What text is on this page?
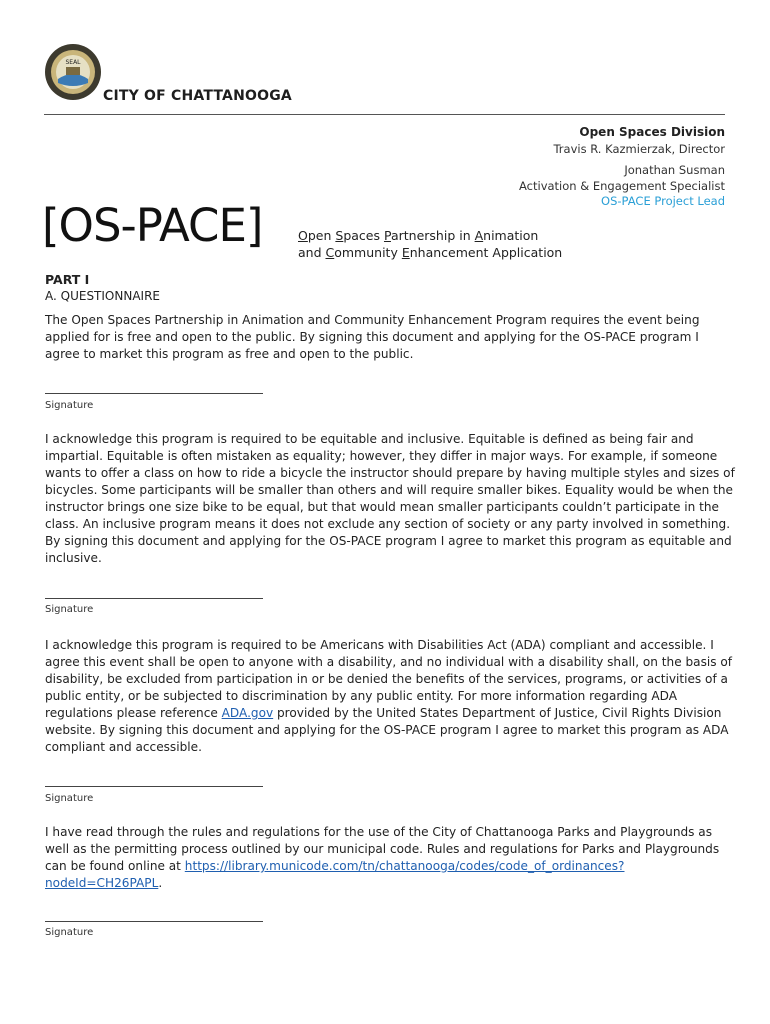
SEAL
CITY OF CHATTANOOGA
Open Spaces Division
Travis R. Kazmierzak, Director
Jonathan Susman
Activation & Engagement Specialist
OS-PACE Project Lead
[OS-PACE]	Open Spaces Partnership in Animation
and Community Enhancement Application
PART I
A. QUESTIONNAIRE
The Open Spaces Partnership in Animation and Community Enhancement Program requires the event being applied for is free and open to the public. By signing this document and applying for the OS-PACE program I agree to market this program as free and open to the public.
Signature
I acknowledge this program is required to be equitable and inclusive. Equitable is defined as being fair and impartial. Equitable is often mistaken as equality; however, they differ in major ways. For example, if someone wants to offer a class on how to ride a bicycle the instructor should prepare by having multiple styles and sizes of bicycles. Some participants will be smaller than others and will require smaller bikes. Equality would be when the instructor brings one size bike to be equal, but that would mean smaller participants couldn’t participate in the class. An inclusive program means it does not exclude any section of society or any party involved in something. By signing this document and applying for the OS-PACE program I agree to market this program as equitable and inclusive.
Signature
I acknowledge this program is required to be Americans with Disabilities Act (ADA) compliant and accessible. I agree this event shall be open to anyone with a disability, and no individual with a disability shall, on the basis of disability, be excluded from participation in or be denied the benefits of the services, programs, or activities of a public entity, or be subjected to discrimination by any public entity. For more information regarding ADA regulations please reference ADA.gov provided by the United States Department of Justice, Civil Rights Division website. By signing this document and applying for the OS-PACE program I agree to market this program as ADA compliant and accessible.
Signature
I have read through the rules and regulations for the use of the City of Chattanooga Parks and Playgrounds as well as the permitting process outlined by our municipal code. Rules and regulations for Parks and Playgrounds can be found online at https://library.municode.com/tn/chattanooga/codes/code_of_ordinances?nodeId=CH26PAPL.
Signature
